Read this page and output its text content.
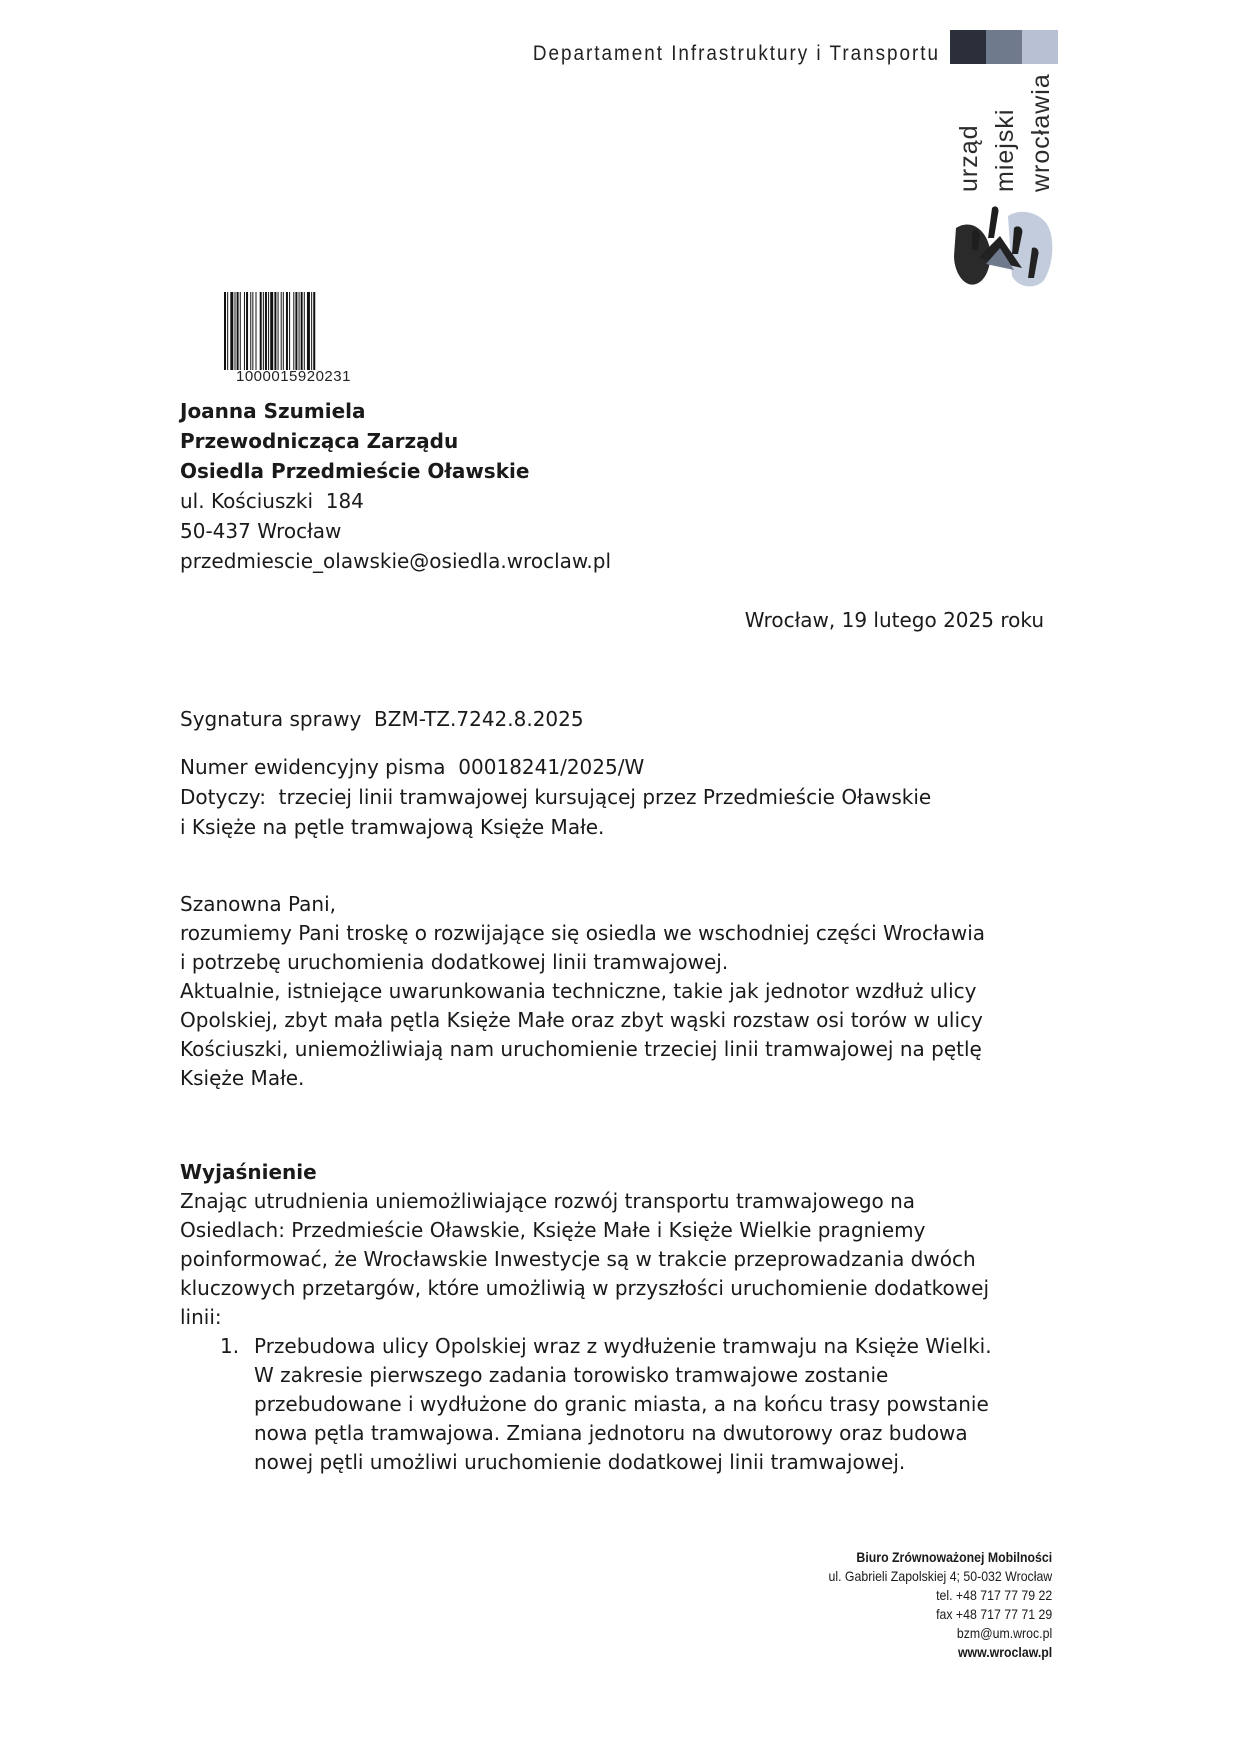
Departament Infrastruktury i Transportu
urząd miejski wrocławia
1000015920231
Joanna Szumiela
Przewodnicząca Zarządu
Osiedla Przedmieście Oławskie
ul. Kościuszki  184
50-437 Wrocław
przedmiescie_olawskie@osiedla.wroclaw.pl
Wrocław, 19 lutego 2025 roku
Sygnatura sprawy BZM-TZ.7242.8.2025
Numer ewidencyjny pisma 00018241/2025/W
Dotyczy: trzeciej linii tramwajowej kursującej przez Przedmieście Oławskie
i Księże na pętle tramwajową Księże Małe.

Szanowna Pani,

rozumiemy Pani troskę o rozwijające się osiedla we wschodniej części Wrocławia

i potrzebę uruchomienia dodatkowej linii tramwajowej.

Aktualnie, istniejące uwarunkowania techniczne, takie jak jednotor wzdłuż ulicy

Opolskiej, zbyt mała pętla Księże Małe oraz zbyt wąski rozstaw osi torów w ulicy

Kościuszki, uniemożliwiają nam uruchomienie trzeciej linii tramwajowej na pętlę

Księże Małe.

Wyjaśnienie

Znając utrudnienia uniemożliwiające rozwój transportu tramwajowego na

Osiedlach: Przedmieście Oławskie, Księże Małe i Księże Wielkie pragniemy

poinformować, że Wrocławskie Inwestycje są w trakcie przeprowadzania dwóch

kluczowych przetargów, które umożliwią w przyszłości uruchomienie dodatkowej

linii:

1. Przebudowa ulicy Opolskiej wraz z wydłużenie tramwaju na Księże Wielki.
W zakresie pierwszego zadania torowisko tramwajowe zostanie
przebudowane i wydłużone do granic miasta, a na końcu trasy powstanie
nowa pętla tramwajowa. Zmiana jednotoru na dwutorowy oraz budowa
nowej pętli umożliwi uruchomienie dodatkowej linii tramwajowej.
Biuro Zrównoważonej Mobilności
ul. Gabrieli Zapolskiej 4; 50-032 Wrocław
tel. +48 717 77 79 22
fax +48 717 77 71 29
bzm@um.wroc.pl
www.wroclaw.pl
